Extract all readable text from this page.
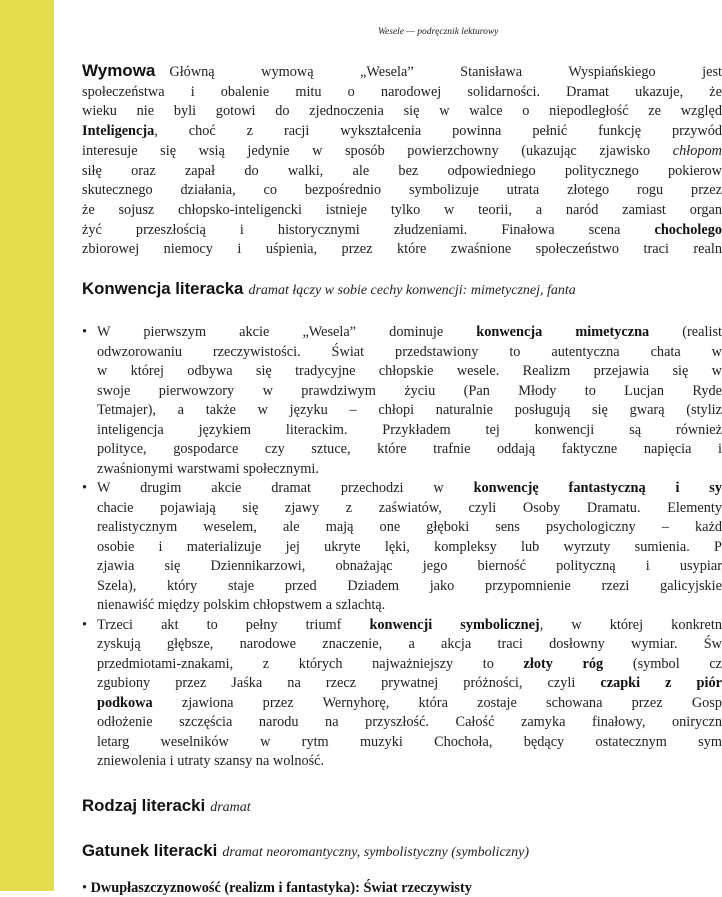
Wesele — podręcznik lekturowy
Wymowa Główną wymową „Wesela” Stanisława Wyspiańskiego jest
społeczeństwa i obalenie mitu o narodowej solidarności. Dramat ukazuje, że
wieku nie byli gotowi do zjednoczenia się w walce o niepodległość ze względ
Inteligencja, choć z racji wykształcenia powinna pełnić funkcję przywód
interesuje się wsią jedynie w sposób powierzchowny (ukazując zjawisko chłopom
siłę oraz zapał do walki, ale bez odpowiedniego politycznego pokierow
skutecznego działania, co bezpośrednio symbolizuje utrata złotego rogu przez
że sojusz chłopsko-inteligencki istnieje tylko w teorii, a naród zamiast organ
żyć przeszłością i historycznymi złudzeniami. Finałowa scena chocholego
zbiorowej niemocy i uśpienia, przez które zwaśnione społeczeństwo traci realn
Konwencja literacka dramat łączy w sobie cechy konwencji: mimetycznej, fanta
• W pierwszym akcie „Wesela” dominuje konwencja mimetyczna (realist
odwzorowaniu rzeczywistości. Świat przedstawiony to autentyczna chata w
w której odbywa się tradycyjne chłopskie wesele. Realizm przejawia się w
swoje pierwowzory w prawdziwym życiu (Pan Młody to Lucjan Ryde
Tetmajer), a także w języku – chłopi naturalnie posługują się gwarą (styliz
inteligencja językiem literackim. Przykładem tej konwencji są również
polityce, gospodarce czy sztuce, które trafnie oddają faktyczne napięcia i
zwaśnionymi warstwami społecznymi.
• W drugim akcie dramat przechodzi w konwencję fantastyczną i sy
chacie pojawiają się zjawy z zaświatów, czyli Osoby Dramatu. Elementy
realistycznym weselem, ale mają one głęboki sens psychologiczny – każd
osobie i materializuje jej ukryte lęki, kompleksy lub wyrzuty sumienia. P
zjawia się Dziennikarzowi, obnażając jego bierność polityczną i usypiar
Szela), który staje przed Dziadem jako przypomnienie rzezi galicyjskie
nienawiść między polskim chłopstwem a szlachtą.
• Trzeci akt to pełny triumf konwencji symbolicznej, w której konkretn
zyskują głębsze, narodowe znaczenie, a akcja traci dosłowny wymiar. Św
przedmiotami-znakami, z których najważniejszy to złoty róg (symbol cz
zgubiony przez Jaśka na rzecz prywatnej próżności, czyli czapki z piór
podkowa zjawiona przez Wernyhorę, która zostaje schowana przez Gosp
odłożenie szczęścia narodu na przyszłość. Całość zamyka finałowy, oniryczn
letarg weselników w rytm muzyki Chochoła, będący ostatecznym sym
zniewolenia i utraty szansy na wolność.
Rodzaj literacki dramat
Gatunek literacki dramat neoromantyczny, symbolistyczny (symboliczny)
• Dwupłaszczyznowość (realizm i fantastyka): Świat rzeczywisty
